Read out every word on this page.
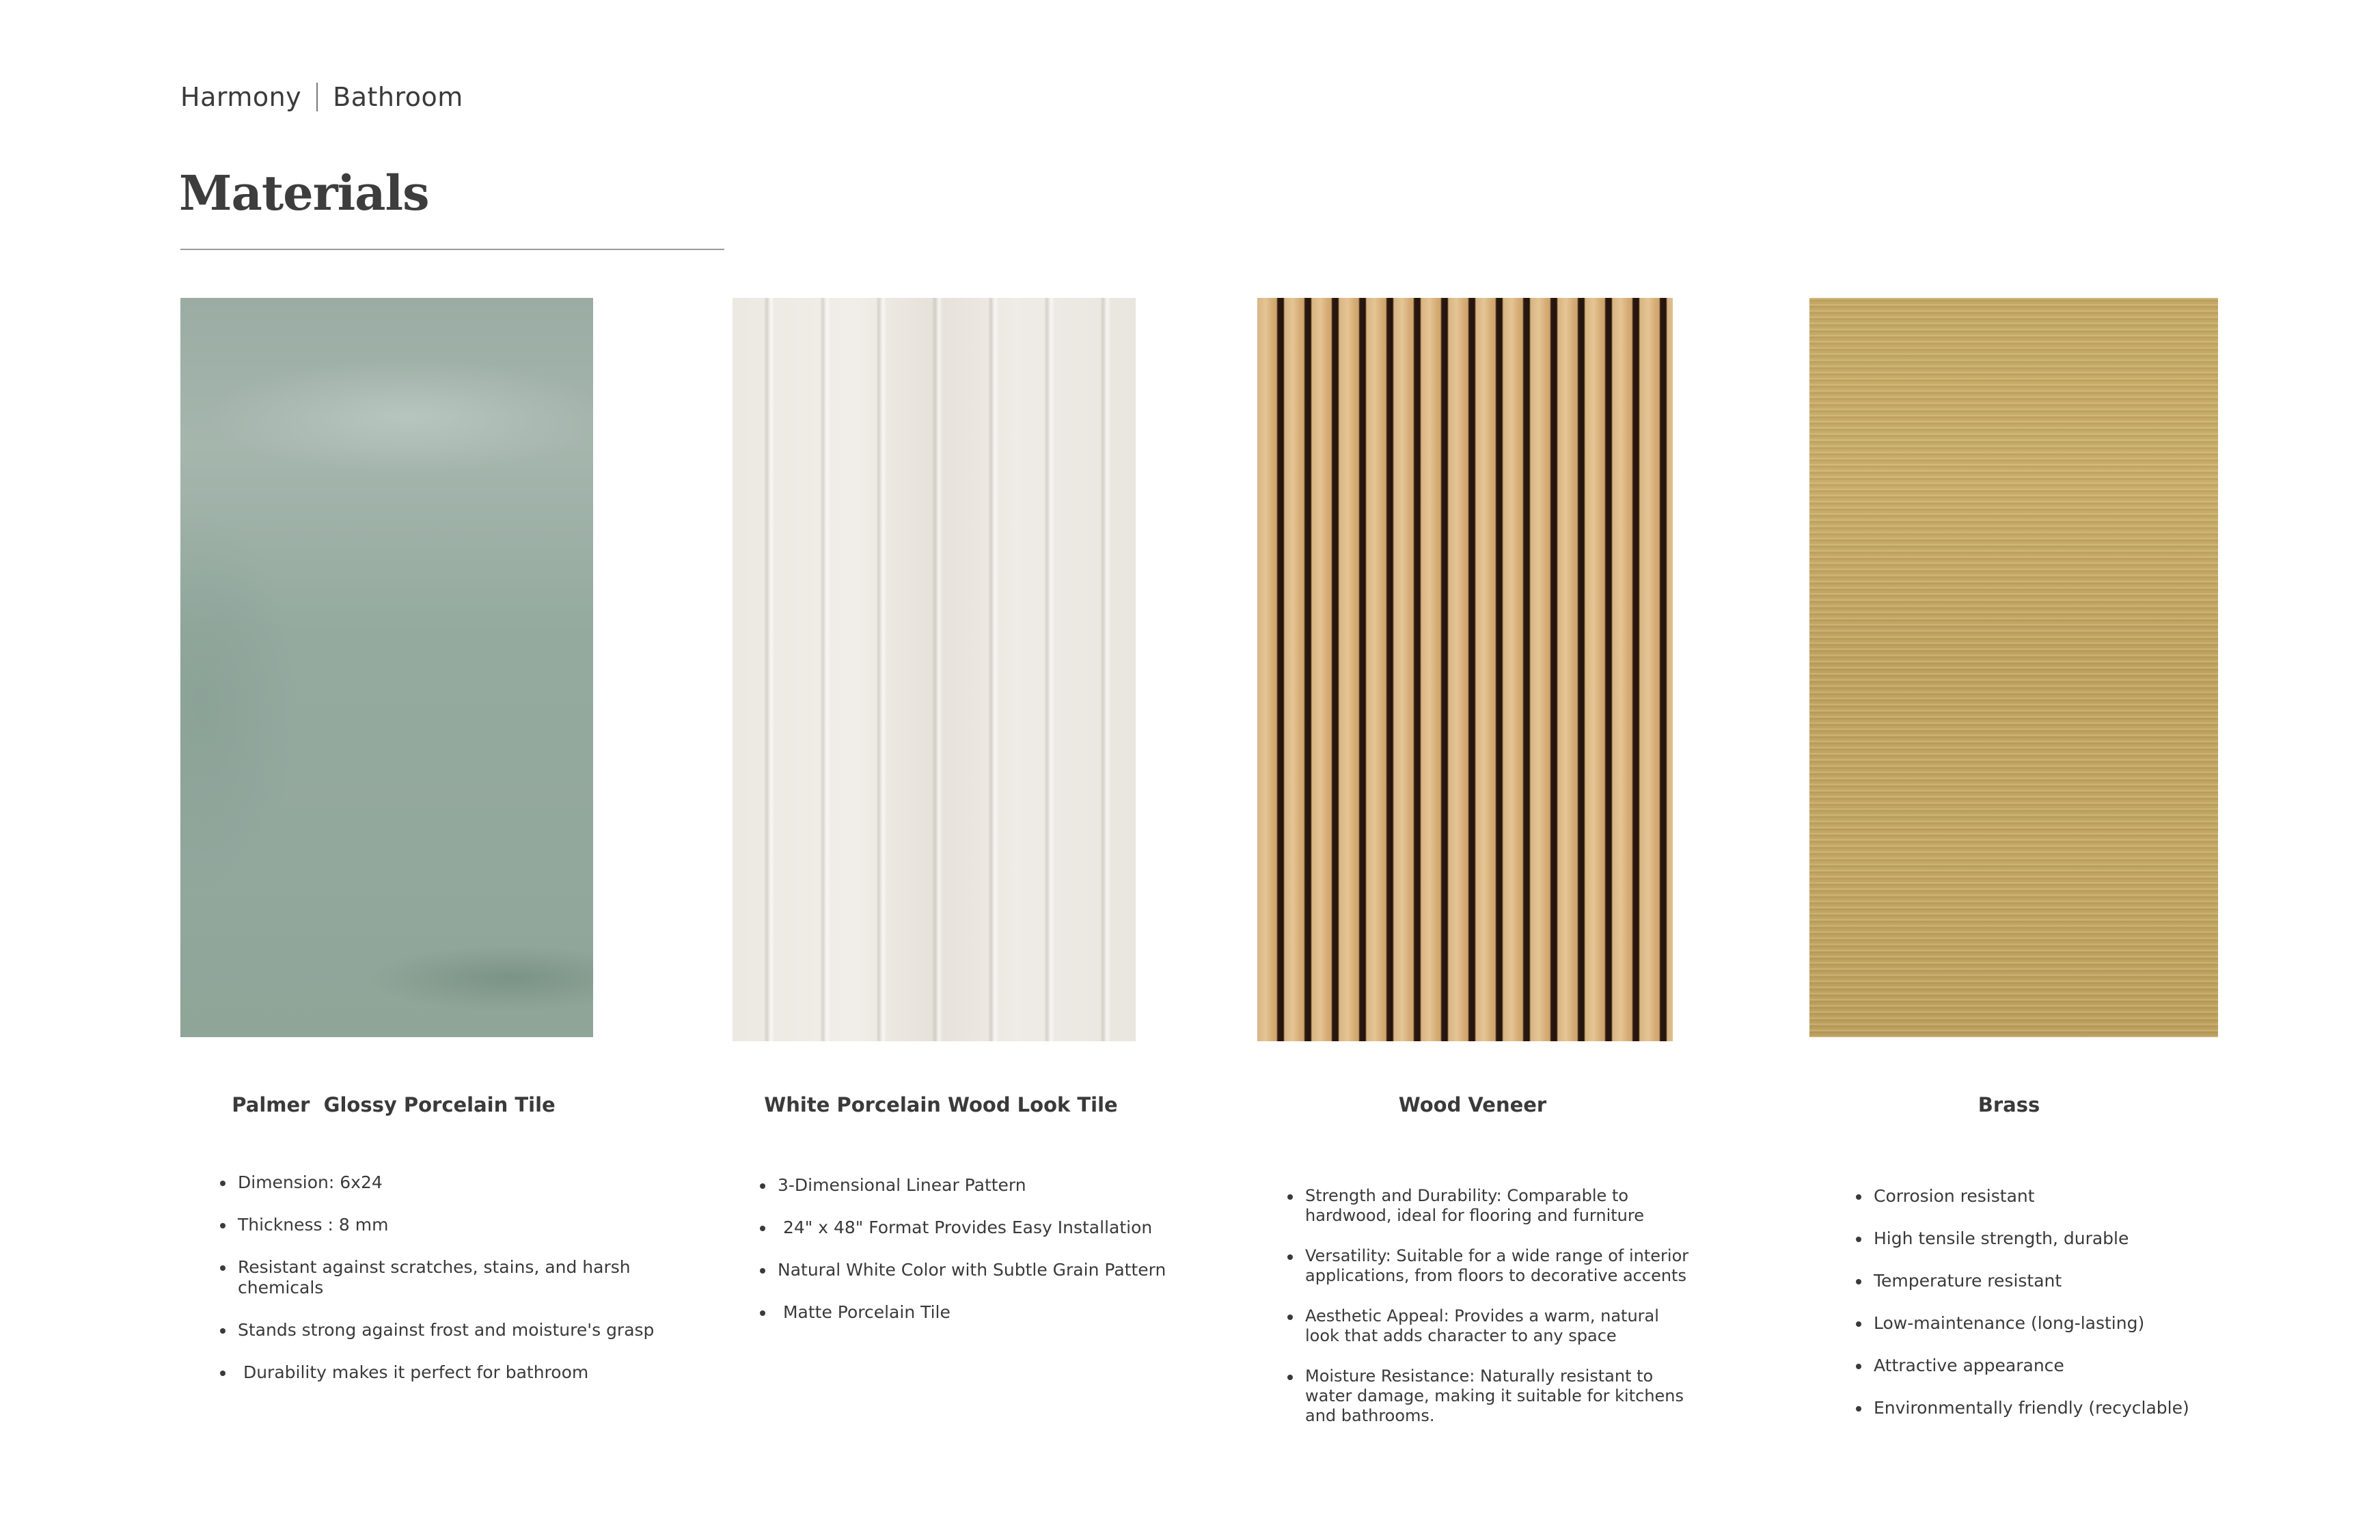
Harmony Bathroom
Materials
Palmer  Glossy Porcelain Tile
Dimension: 6x24
Thickness : 8 mm
Resistant against scratches, stains, and harsh
chemicals
Stands strong against frost and moisture's grasp
Durability makes it perfect for bathroom
White Porcelain Wood Look Tile
3-Dimensional Linear Pattern
24" x 48" Format Provides Easy Installation
Natural White Color with Subtle Grain Pattern
Matte Porcelain Tile
Wood Veneer
Strength and Durability: Comparable to
hardwood, ideal for flooring and furniture
Versatility: Suitable for a wide range of interior
applications, from floors to decorative accents
Aesthetic Appeal: Provides a warm, natural
look that adds character to any space
Moisture Resistance: Naturally resistant to
water damage, making it suitable for kitchens
and bathrooms.
Brass
Corrosion resistant
High tensile strength, durable
Temperature resistant
Low-maintenance (long-lasting)
Attractive appearance
Environmentally friendly (recyclable)
